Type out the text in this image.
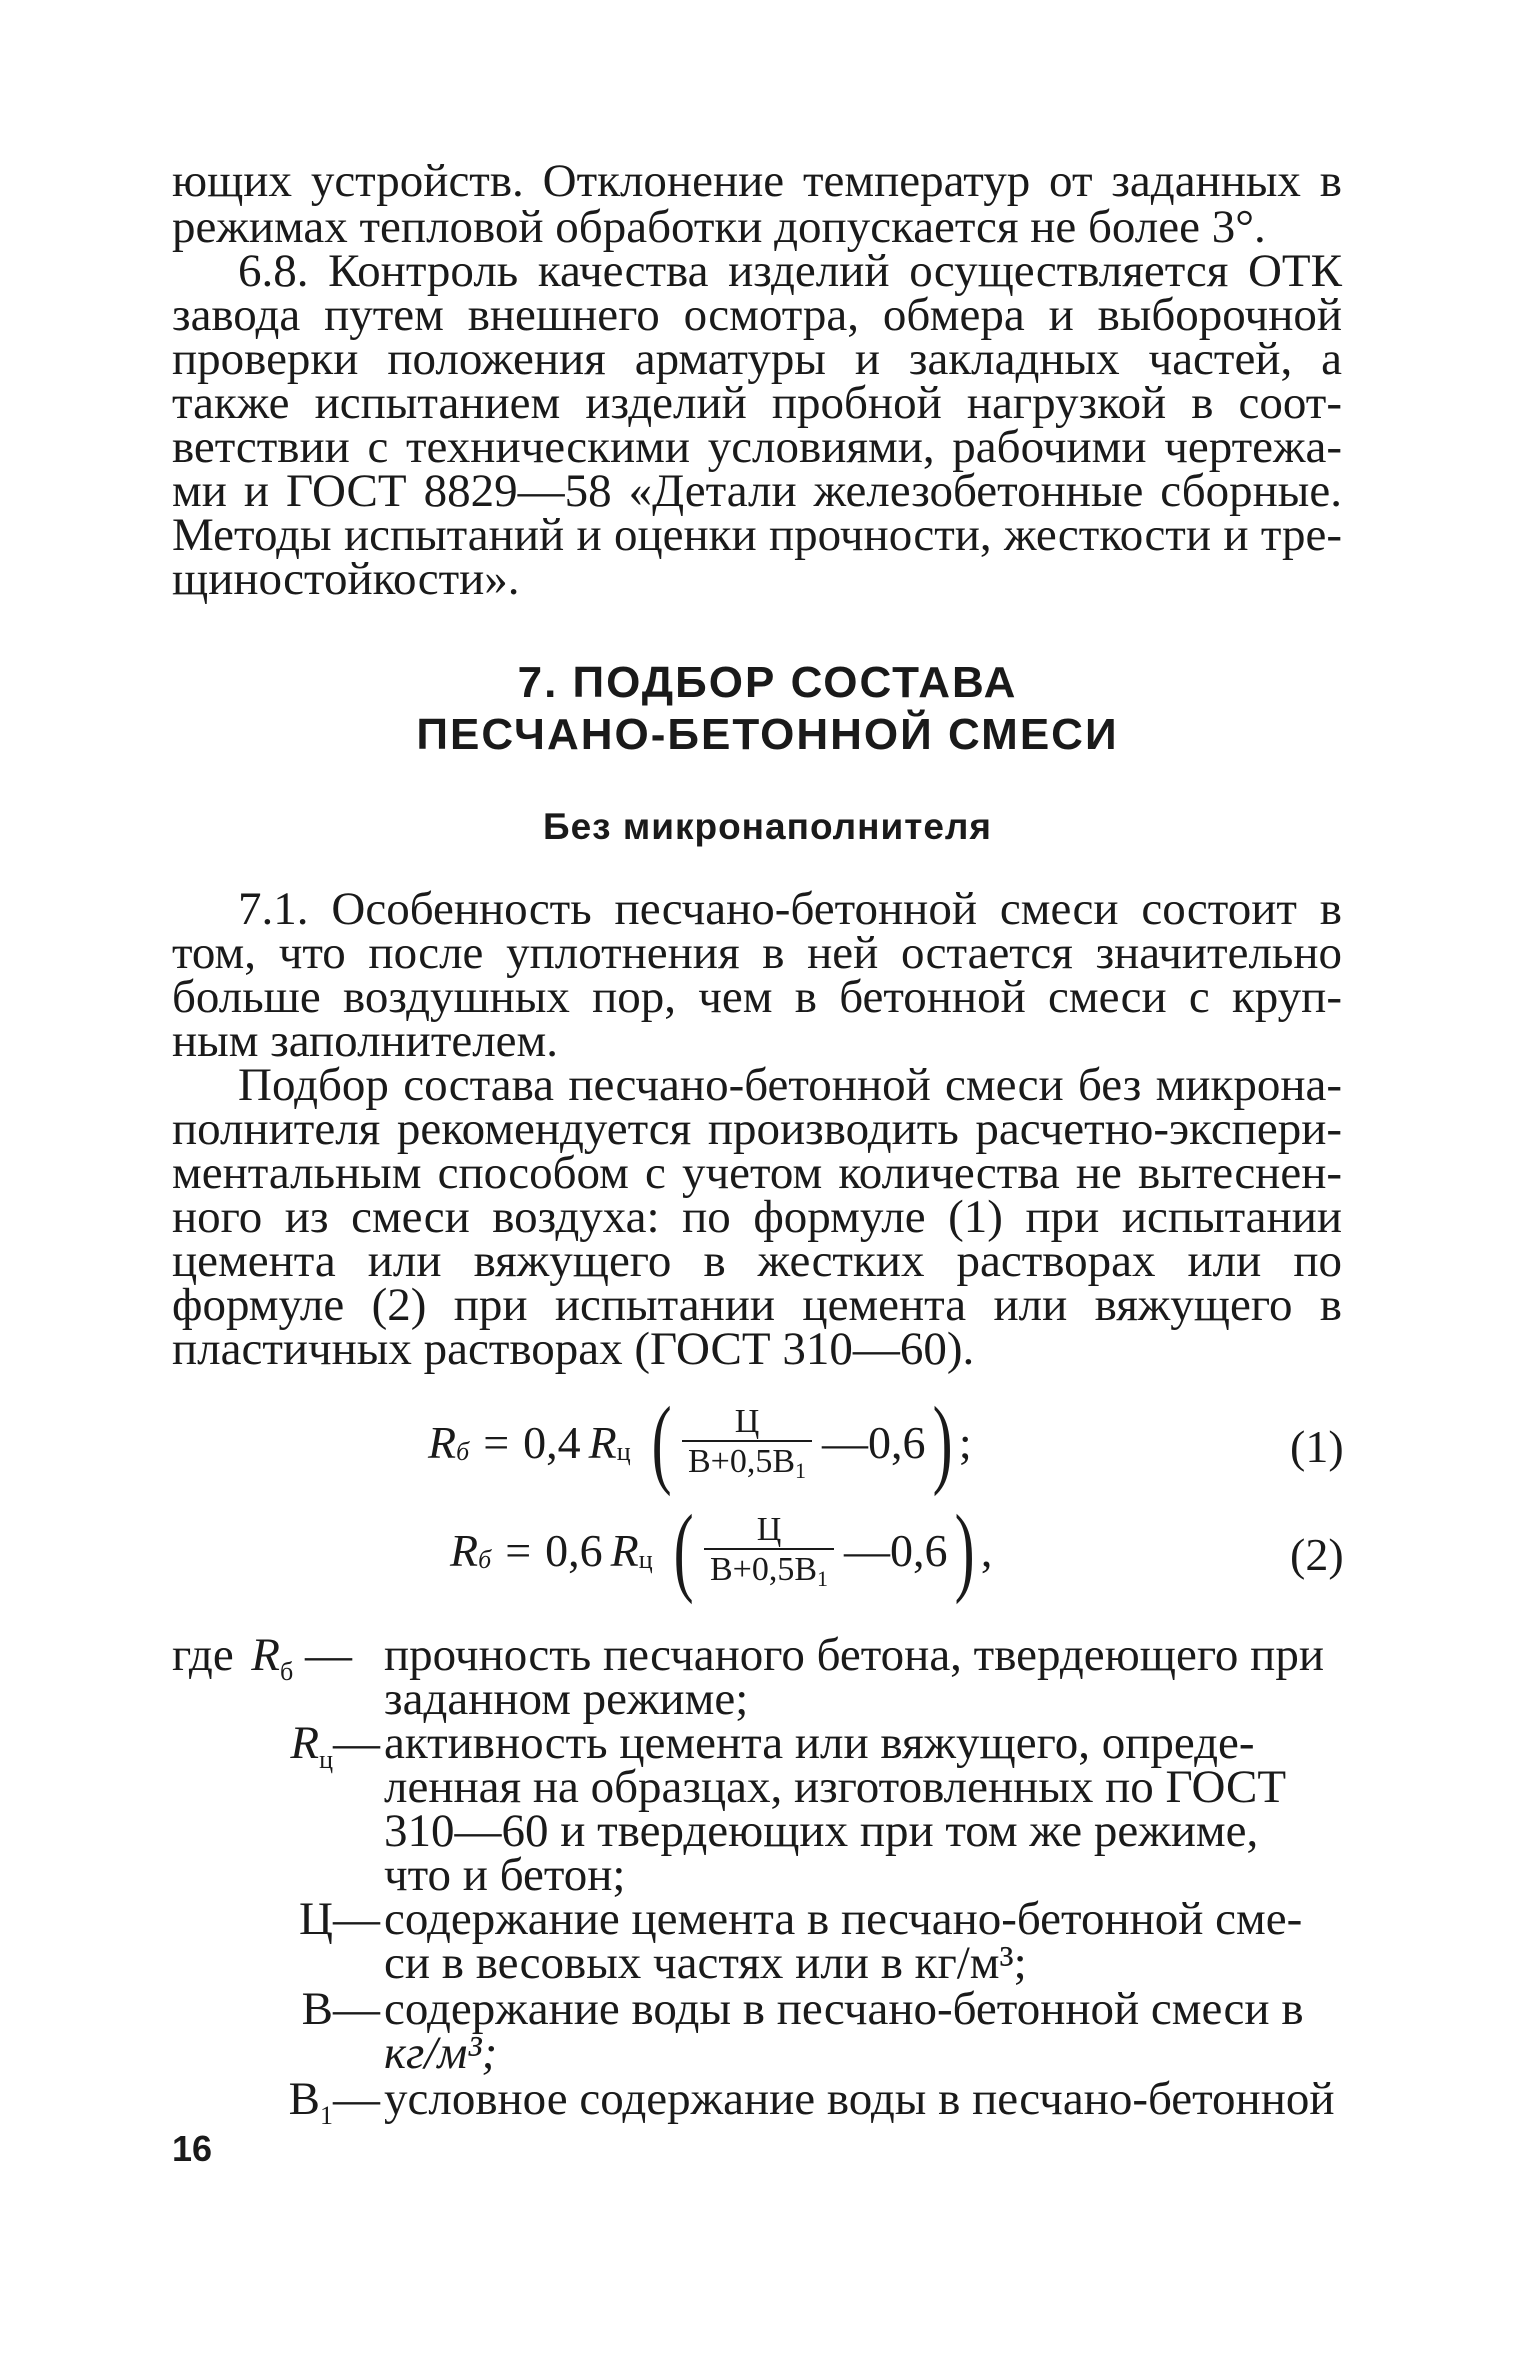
ющих устройств. Отклонение температур от заданных в
режимах тепловой обработки допускается не более 3°.
6.8. Контроль качества изделий осуществляется ОТК
завода путем внешнего осмотра, обмера и выборочной
проверки положения арматуры и закладных частей, а
также испытанием изделий пробной нагрузкой в соот-
ветствии с техническими условиями, рабочими чертежа-
ми и ГОСТ 8829—58 «Детали железобетонные сборные.
Методы испытаний и оценки прочности, жесткости и тре-
щиностойкости».
7. ПОДБОР СОСТАВА
ПЕСЧАНО-БЕТОННОЙ СМЕСИ
Без микронаполнителя
7.1. Особенность песчано-бетонной смеси состоит в
том, что после уплотнения в ней остается значительно
больше воздушных пор, чем в бетонной смеси с круп-
ным заполнителем.
Подбор состава песчано-бетонной смеси без микрона-
полнителя рекомендуется производить расчетно-экспери-
ментальным способом с учетом количества не вытеснен-
ного из смеси воздуха: по формуле (1) при испытании
цемента или вяжущего в жестких растворах или по
формуле (2) при испытании цемента или вяжущего в
пластичных растворах (ГОСТ 310—60).
R б = 0,4 R ц ( $\frac{Ц}{В+0,5В1}$ —0,6 ) ;	(1)
R б = 0,6 R ц ( $\frac{Ц}{В+0,5В1}$ —0,6 ) ,	(2)
где $R_б$ — прочность песчаного бетона, твердеющего при
заданном режиме;
$R_ц—$ активность цемента или вяжущего, опреде-
ленная на образцах, изготовленных по ГОСТ
310—60 и твердеющих при том же режиме,
что и бетон;
Ц— содержание цемента в песчано-бетонной сме-
си в весовых частях или в кг/м³;
В— содержание воды в песчано-бетонной смеси в
кг/м³;
$В_1—$ условное содержание воды в песчано-бетонной
16
